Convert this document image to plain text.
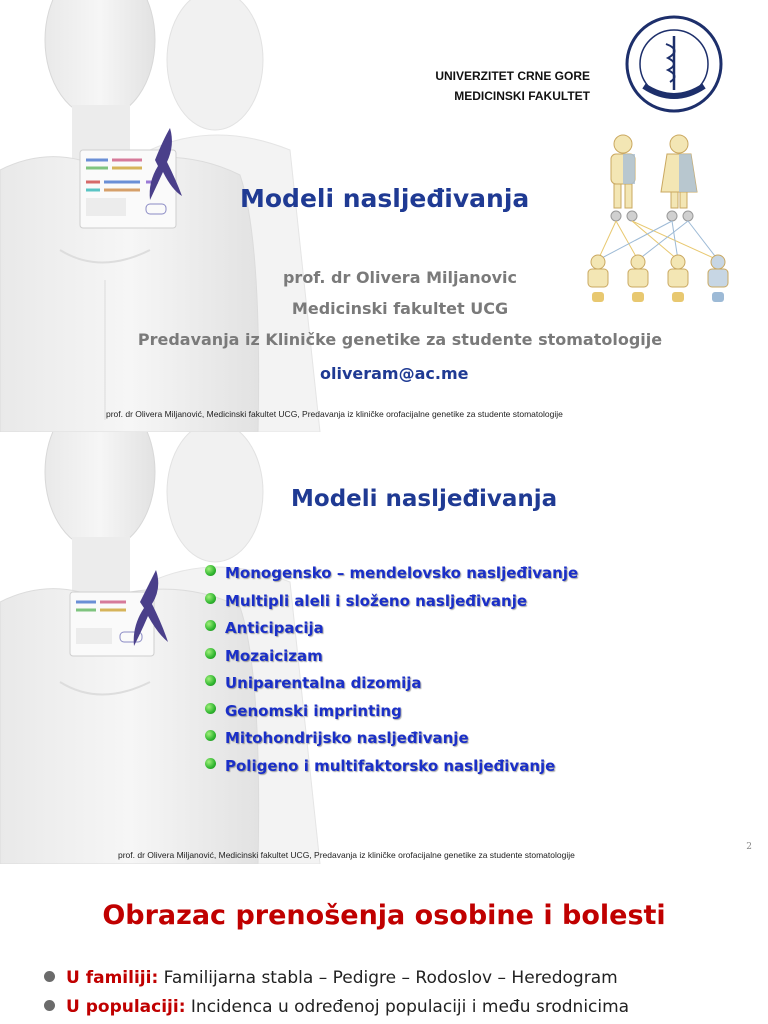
UNIVERZITET CRNE GORE
MEDICINSKI FAKULTET
Modeli nasljeđivanja
prof. dr Olivera Miljanovic
Medicinski fakultet UCG
Predavanja iz Kliničke genetike za studente stomatologije
oliveram@ac.me
prof. dr Olivera Miljanović, Medicinski fakultet UCG, Predavanja iz kliničke orofacijalne genetike za studente stomatologije
Modeli nasljeđivanja
Monogensko – mendelovsko nasljeđivanje
Multipli aleli i složeno nasljeđivanje
Anticipacija
Mozaicizam
Uniparentalna dizomija
Genomski imprinting
Mitohondrijsko nasljeđivanje
Poligeno i multifaktorsko nasljeđivanje
2
prof. dr Olivera Miljanović, Medicinski fakultet UCG, Predavanja iz kliničke orofacijalne genetike za studente stomatologije
Obrazac prenošenja osobine i bolesti
U familiji: Familijarna stabla – Pedigre – Rodoslov – Heredogram
U populaciji: Incidenca u određenoj populaciji i među srodnicima
